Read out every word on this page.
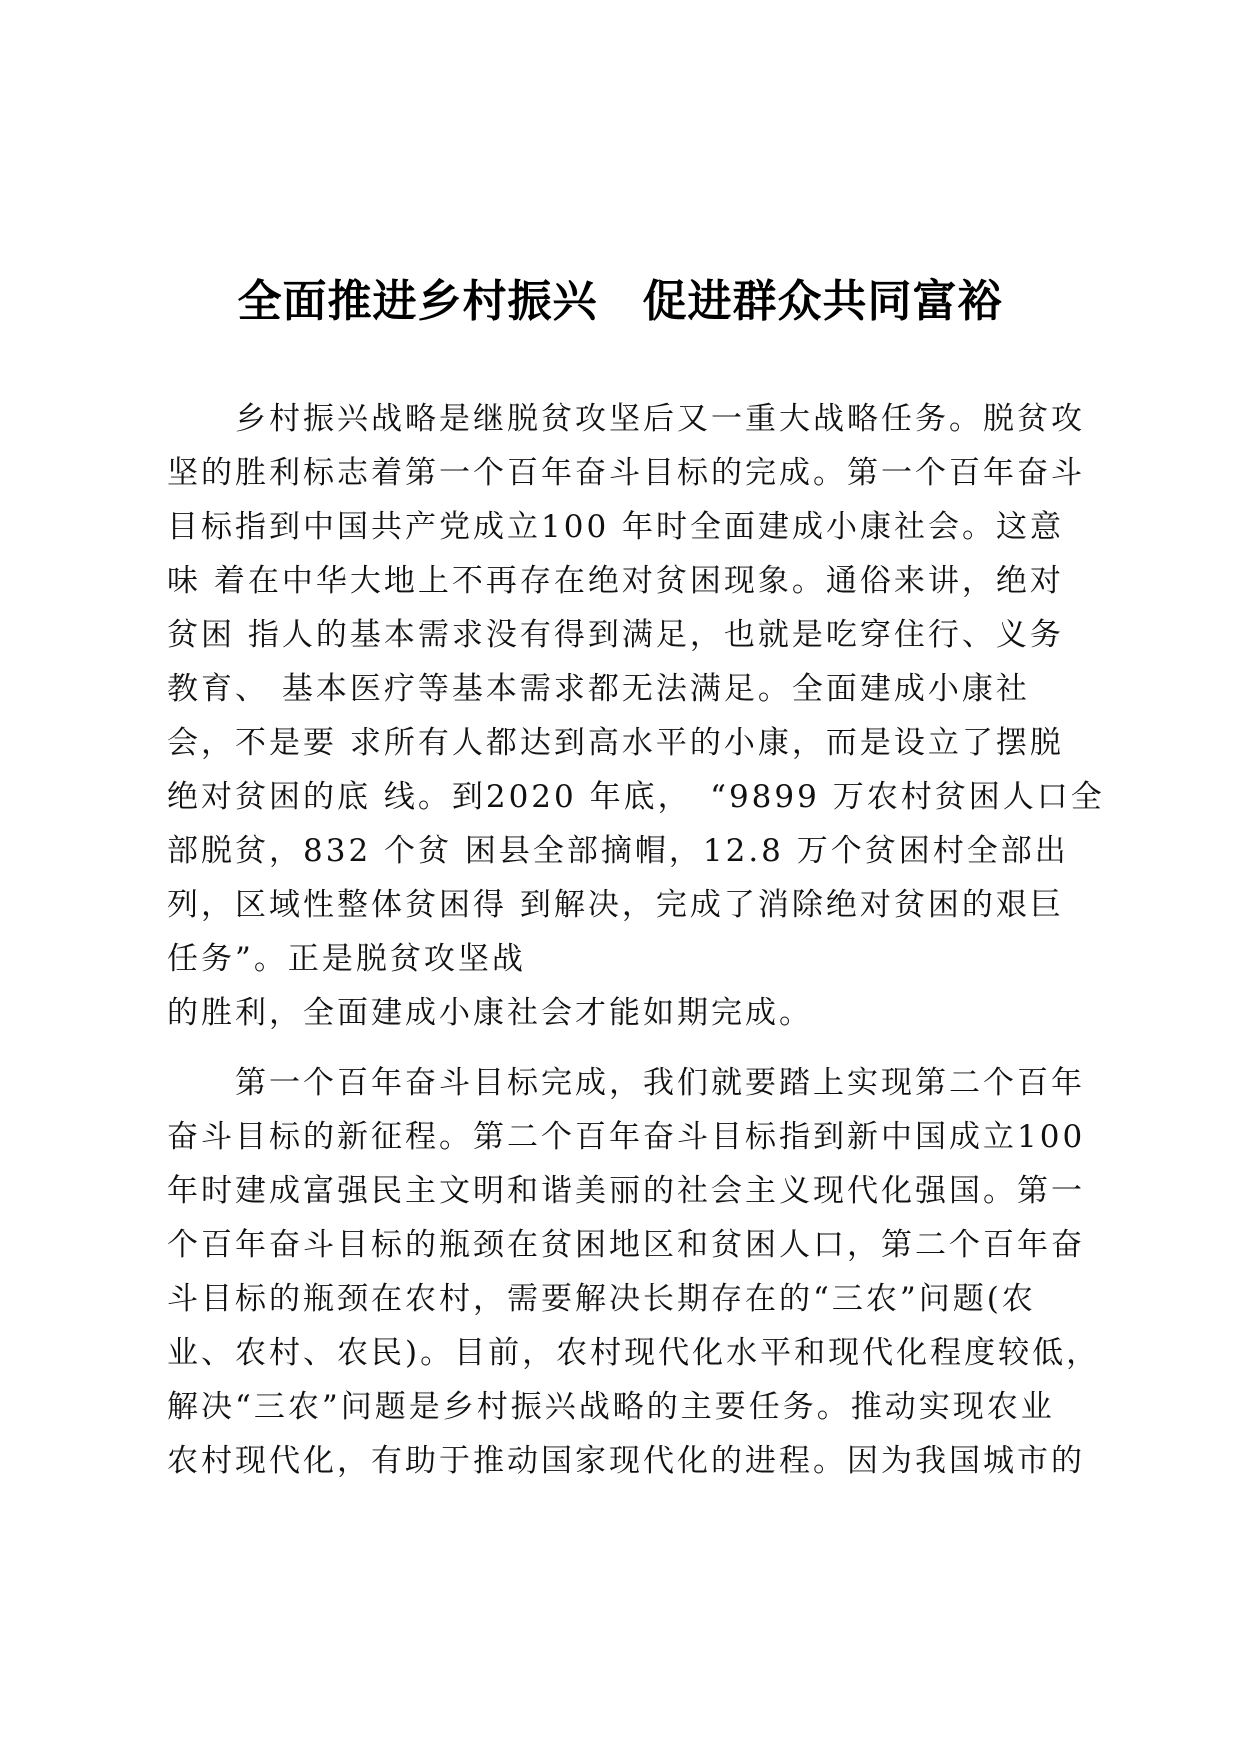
全面推进乡村振兴　促进群众共同富裕
　　乡村振兴战略是继脱贫攻坚后又一重大战略任务。脱贫攻
坚的胜利标志着第一个百年奋斗目标的完成。第一个百年奋斗
目标指到中国共产党成立100 年时全面建成小康社会。这意
味 着在中华大地上不再存在绝对贫困现象。通俗来讲，绝对
贫困 指人的基本需求没有得到满足，也就是吃穿住行、义务
教育、 基本医疗等基本需求都无法满足。全面建成小康社
会，不是要 求所有人都达到高水平的小康，而是设立了摆脱
绝对贫困的底 线。到2020 年底，　“9899 万农村贫困人口全
部脱贫，832 个贫 困县全部摘帽，12.8 万个贫困村全部出
列，区域性整体贫困得 到解决，完成了消除绝对贫困的艰巨
任务”。正是脱贫攻坚战
的胜利，全面建成小康社会才能如期完成。
　　第一个百年奋斗目标完成，我们就要踏上实现第二个百年
奋斗目标的新征程。第二个百年奋斗目标指到新中国成立100
年时建成富强民主文明和谐美丽的社会主义现代化强国。第一
个百年奋斗目标的瓶颈在贫困地区和贫困人口，第二个百年奋
斗目标的瓶颈在农村，需要解决长期存在的“三农”问题(农
业、农村、农民)。目前，农村现代化水平和现代化程度较低，
解决“三农”问题是乡村振兴战略的主要任务。推动实现农业
农村现代化，有助于推动国家现代化的进程。因为我国城市的
